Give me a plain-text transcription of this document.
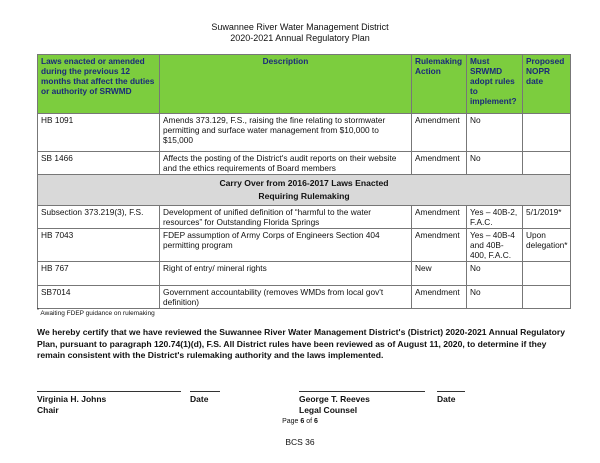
Suwannee River Water Management District
2020-2021 Annual Regulatory Plan
Laws enacted or amended during the previous 12 months that affect the duties or authority of SRWMD	Description	Rulemaking Action	Must SRWMD adopt rules to implement?	Proposed NOPR date
HB 1091	Amends 373.129, F.S., raising the fine relating to stormwater permitting and surface water management from $10,000 to $15,000	Amendment	No	
SB 1466	Affects the posting of the District's audit reports on their website and the ethics requirements of Board members	Amendment	No	

Carry Over from 2016-2017 Laws Enacted Requiring Rulemaking				

Subsection 373.219(3), F.S.	Development of unified definition of “harmful to the water resources” for Outstanding Florida Springs	Amendment	Yes – 40B-2, F.A.C.	5/1/2019*
HB 7043	FDEP assumption of Army Corps of Engineers Section 404 permitting program	Amendment	Yes – 40B-4 and 40B-400, F.A.C.	Upon delegation*
HB 767	Right of entry/ mineral rights	New	No	
SB7014	Government accountability (removes WMDs from local gov't definition)	Amendment	No	
* Awaiting FDEP guidance on rulemaking
We hereby certify that we have reviewed the Suwannee River Water Management District's (District) 2020-2021 Annual Regulatory Plan, pursuant to paragraph 120.74(1)(d), F.S. All District rules have been reviewed as of August 11, 2020, to determine if they remain consistent with the District's rulemaking authority and the laws implemented.
Virginia H. Johns
Chair
Date	George T. Reeves
Legal Counsel
Date
Page 6 of 6
BCS 36
